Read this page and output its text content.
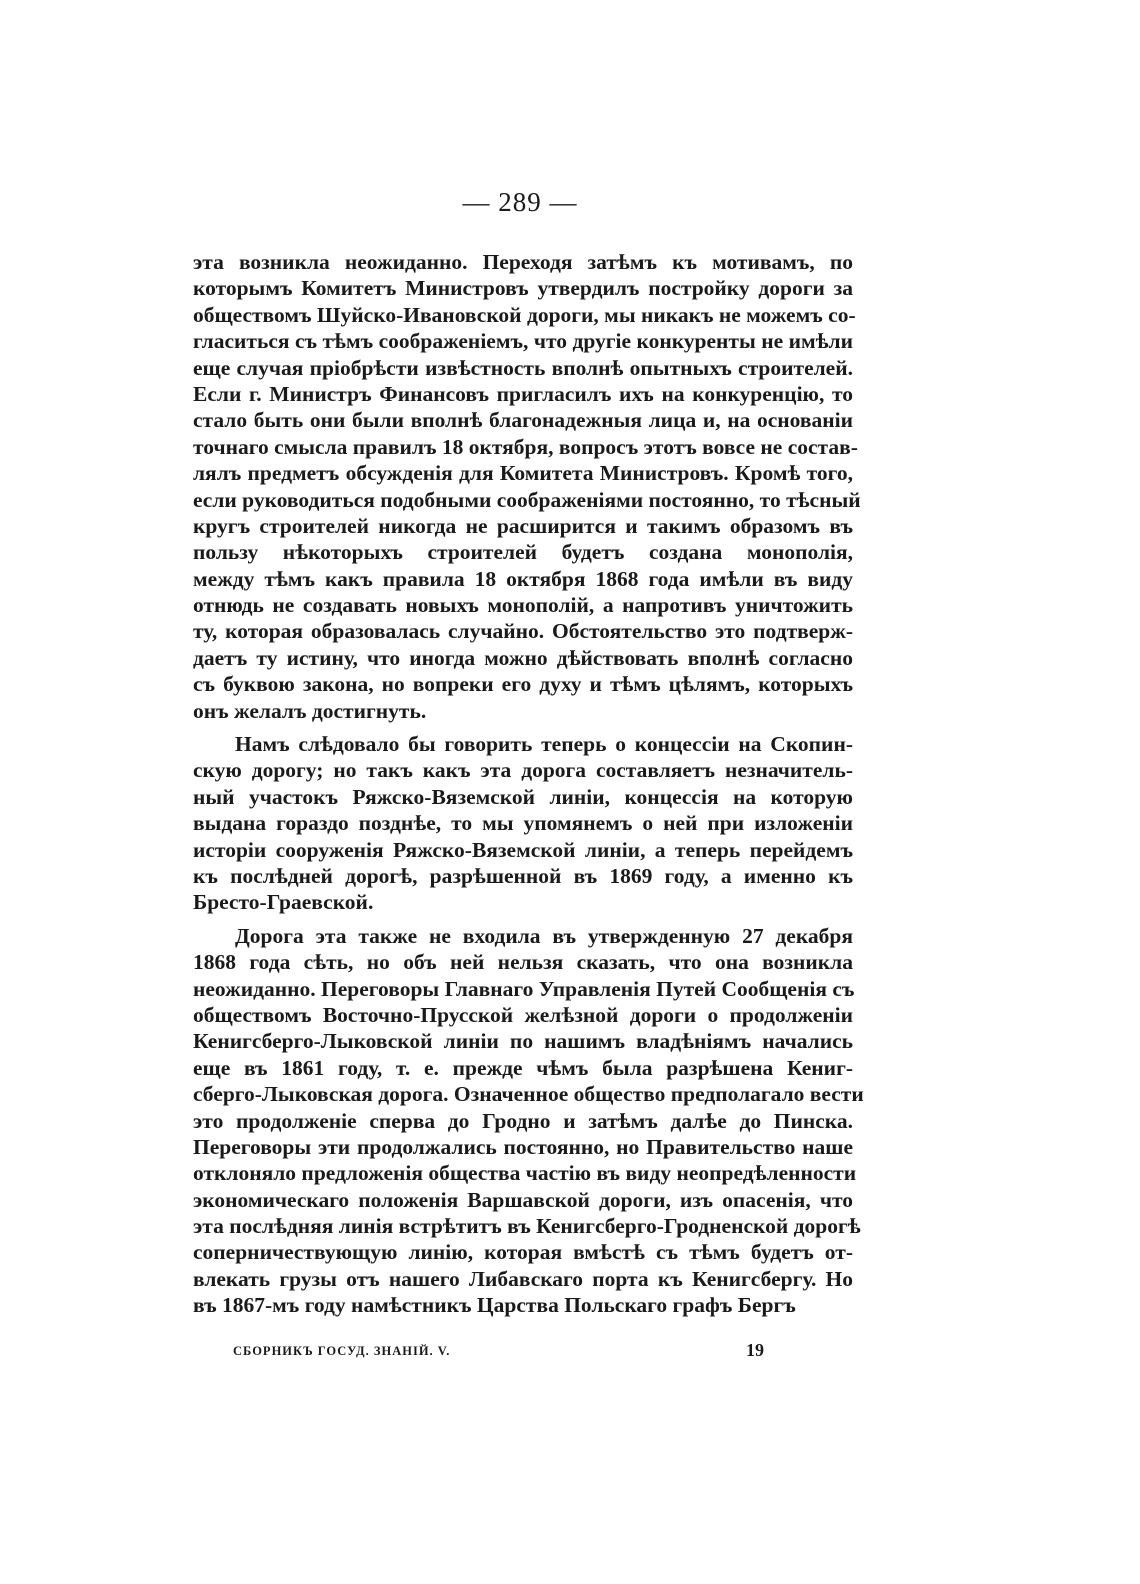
— 289 —
эта возникла неожиданно. Переходя затѣмъ къ мотивамъ, по
которымъ Комитетъ Министровъ утвердилъ постройку дороги за
обществомъ Шуйско-Ивановской дороги, мы никакъ не можемъ со-
гласиться съ тѣмъ соображеніемъ, что другіе конкуренты не имѣли
еще случая пріобрѣсти извѣстность вполнѣ опытныхъ строителей.
Если г. Министръ Финансовъ пригласилъ ихъ на конкуренцію, то
стало быть они были вполнѣ благонадежныя лица и, на основаніи
точнаго смысла правилъ 18 октября, вопросъ этотъ вовсе не состав-
лялъ предметъ обсужденія для Комитета Министровъ. Кромѣ того,
если руководиться подобными соображеніями постоянно, то тѣсный
кругъ строителей никогда не расширится и такимъ образомъ въ
пользу нѣкоторыхъ строителей будетъ создана монополія,
между тѣмъ какъ правила 18 октября 1868 года имѣли въ виду
отнюдь не создавать новыхъ монополій, а напротивъ уничтожить
ту, которая образовалась случайно. Обстоятельство это подтверж-
даетъ ту истину, что иногда можно дѣйствовать вполнѣ согласно
съ буквою закона, но вопреки его духу и тѣмъ цѣлямъ, которыхъ
онъ желалъ достигнуть.
Намъ слѣдовало бы говорить теперь о концессіи на Скопин-
скую дорогу; но такъ какъ эта дорога составляетъ незначитель-
ный участокъ Ряжско-Вяземской линіи, концессія на которую
выдана гораздо позднѣе, то мы упомянемъ о ней при изложеніи
исторіи сооруженія Ряжско-Вяземской линіи, а теперь перейдемъ
къ послѣдней дорогѣ, разрѣшенной въ 1869 году, а именно къ
Бресто-Граевской.
Дорога эта также не входила въ утвержденную 27 декабря
1868 года сѣть, но объ ней нельзя сказать, что она возникла
неожиданно. Переговоры Главнаго Управленія Путей Сообщенія съ
обществомъ Восточно-Прусской желѣзной дороги о продолженіи
Кенигсберго-Лыковской линіи по нашимъ владѣніямъ начались
еще въ 1861 году, т. е. прежде чѣмъ была разрѣшена Кениг-
сберго-Лыковская дорога. Означенное общество предполагало вести
это продолженіе сперва до Гродно и затѣмъ далѣе до Пинска.
Переговоры эти продолжались постоянно, но Правительство наше
отклоняло предложенія общества частію въ виду неопредѣленности
экономическаго положенія Варшавской дороги, изъ опасенія, что
эта послѣдняя линія встрѣтитъ въ Кенигсберго-Гродненской дорогѣ
соперничествующую линію, которая вмѣстѣ съ тѣмъ будетъ от-
влекать грузы отъ нашего Либавскаго порта къ Кенигсбергу. Но
въ 1867-мъ году намѣстникъ Царства Польскаго графъ Бергъ
СБОРНИКЪ ГОСУД. ЗНАНІЙ. V.	19
